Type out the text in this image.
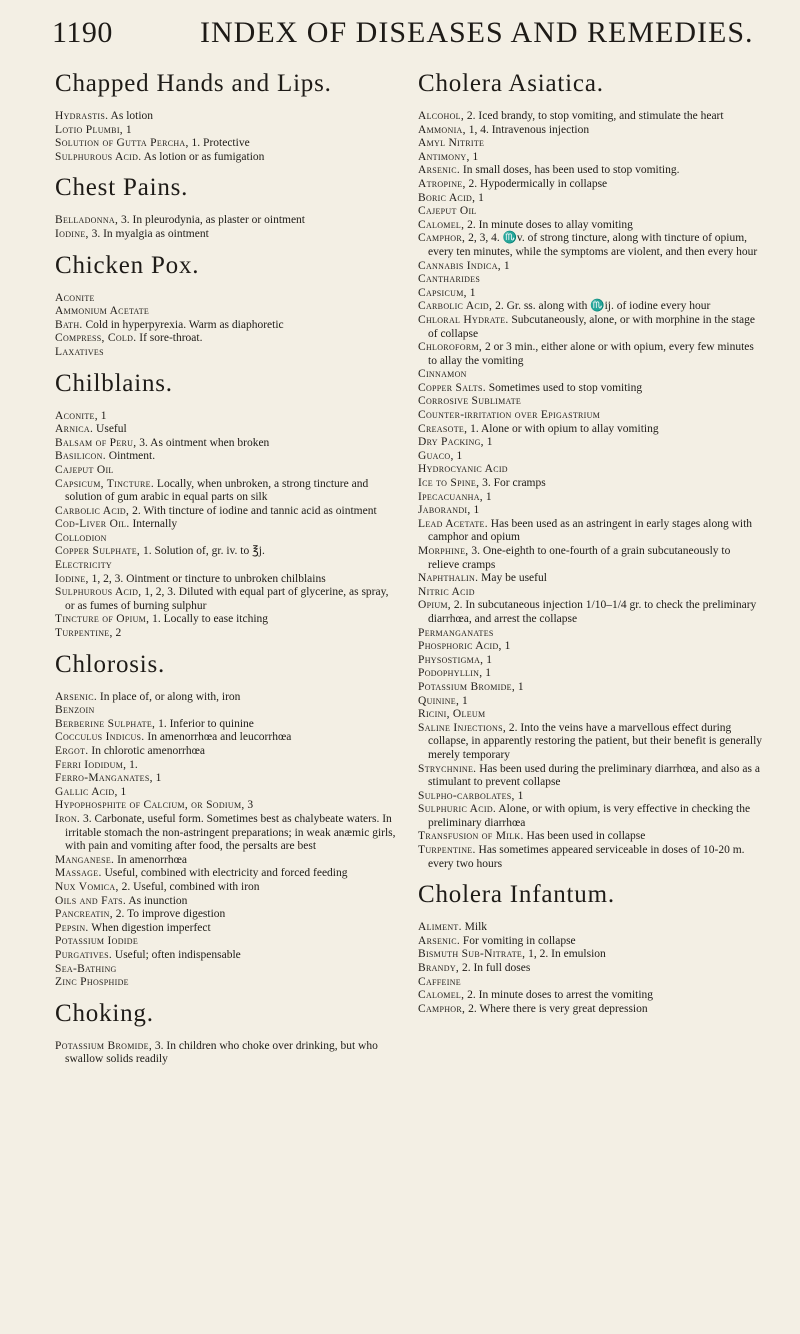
1190	INDEX OF DISEASES AND REMEDIES.
Chapped Hands and Lips.

Hydrastis. As lotion

Lotio Plumbi, 1

Solution of Gutta Percha, 1. Protective

Sulphurous Acid. As lotion or as fumigation

Chest Pains.

Belladonna, 3. In pleurodynia, as plaster or ointment

Iodine, 3. In myalgia as ointment

Chicken Pox.

Aconite

Ammonium Acetate

Bath. Cold in hyperpyrexia. Warm as diaphoretic

Compress, Cold. If sore-throat.

Laxatives

Chilblains.

Aconite, 1

Arnica. Useful

Balsam of Peru, 3. As ointment when broken

Basilicon. Ointment.

Cajeput Oil

Capsicum, Tincture. Locally, when unbroken, a strong tincture and solution of gum arabic in equal parts on silk

Carbolic Acid, 2. With tincture of iodine and tannic acid as ointment

Cod-Liver Oil. Internally

Collodion

Copper Sulphate, 1. Solution of, gr. iv. to ℥j.

Electricity

Iodine, 1, 2, 3. Ointment or tincture to unbroken chilblains

Sulphurous Acid, 1, 2, 3. Diluted with equal part of glycerine, as spray, or as fumes of burning sulphur

Tincture of Opium, 1. Locally to ease itching

Turpentine, 2

Chlorosis.

Arsenic. In place of, or along with, iron

Benzoin

Berberine Sulphate, 1. Inferior to quinine

Cocculus Indicus. In amenorrhœa and leucorrhœa

Ergot. In chlorotic amenorrhœa

Ferri Iodidum, 1.

Ferro-Manganates, 1

Gallic Acid, 1

Hypophosphite of Calcium, or Sodium, 3

Iron. 3. Carbonate, useful form. Sometimes best as chalybeate waters. In irritable stomach the non-astringent preparations; in weak anæmic girls, with pain and vomiting after food, the persalts are best

Manganese. In amenorrhœa

Massage. Useful, combined with electricity and forced feeding

Nux Vomica, 2. Useful, combined with iron

Oils and Fats. As inunction

Pancreatin, 2. To improve digestion

Pepsin. When digestion imperfect

Potassium Iodide

Purgatives. Useful; often indispensable

Sea-Bathing

Zinc Phosphide

Choking.

Potassium Bromide, 3. In children who choke over drinking, but who swallow solids readily

Cholera Asiatica.

Alcohol, 2. Iced brandy, to stop vomiting, and stimulate the heart

Ammonia, 1, 4. Intravenous injection

Amyl Nitrite

Antimony, 1

Arsenic. In small doses, has been used to stop vomiting.

Atropine, 2. Hypodermically in collapse

Boric Acid, 1

Cajeput Oil

Calomel, 2. In minute doses to allay vomiting

Camphor, 2, 3, 4. ♏v. of strong tincture, along with tincture of opium, every ten minutes, while the symptoms are violent, and then every hour

Cannabis Indica, 1

Cantharides

Capsicum, 1

Carbolic Acid, 2. Gr. ss. along with ♏ij. of iodine every hour

Chloral Hydrate. Subcutaneously, alone, or with morphine in the stage of collapse

Chloroform, 2 or 3 min., either alone or with opium, every few minutes to allay the vomiting

Cinnamon

Copper Salts. Sometimes used to stop vomiting

Corrosive Sublimate

Counter-irritation over Epigastrium

Creasote, 1. Alone or with opium to allay vomiting

Dry Packing, 1

Guaco, 1

Hydrocyanic Acid

Ice to Spine, 3. For cramps

Ipecacuanha, 1

Jaborandi, 1

Lead Acetate. Has been used as an astringent in early stages along with camphor and opium

Morphine, 3. One-eighth to one-fourth of a grain subcutaneously to relieve cramps

Naphthalin. May be useful

Nitric Acid

Opium, 2. In subcutaneous injection 1/10–1/4 gr. to check the preliminary diarrhœa, and arrest the collapse

Permanganates

Phosphoric Acid, 1

Physostigma, 1

Podophyllin, 1

Potassium Bromide, 1

Quinine, 1

Ricini, Oleum

Saline Injections, 2. Into the veins have a marvellous effect during collapse, in apparently restoring the patient, but their benefit is generally merely temporary

Strychnine. Has been used during the preliminary diarrhœa, and also as a stimulant to prevent collapse

Sulpho-carbolates, 1

Sulphuric Acid. Alone, or with opium, is very effective in checking the preliminary diarrhœa

Transfusion of Milk. Has been used in collapse

Turpentine. Has sometimes appeared serviceable in doses of 10-20 m. every two hours

Cholera Infantum.

Aliment. Milk

Arsenic. For vomiting in collapse

Bismuth Sub-Nitrate, 1, 2. In emulsion

Brandy, 2. In full doses

Caffeine

Calomel, 2. In minute doses to arrest the vomiting

Camphor, 2. Where there is very great depression
